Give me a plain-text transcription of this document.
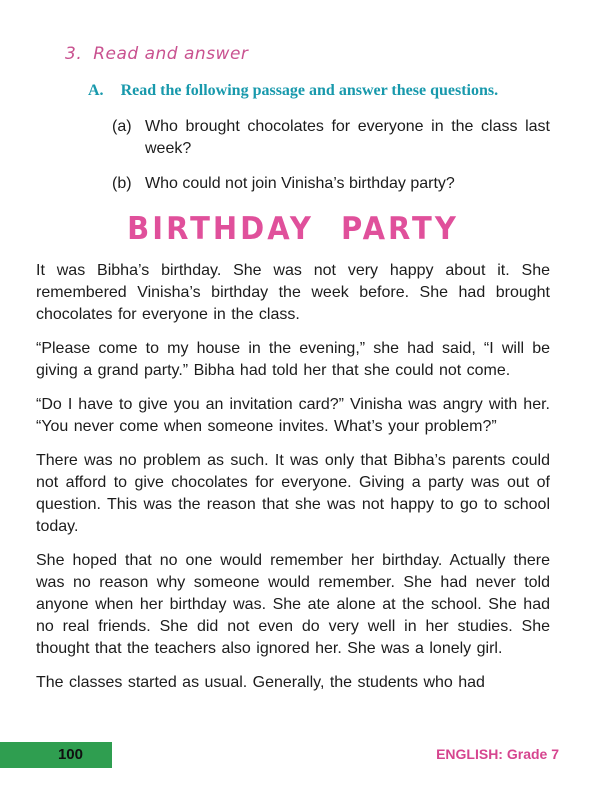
3. Read and answer
A. Read the following passage and answer these questions.
(a) Who brought chocolates for everyone in the class last week?
(b) Who could not join Vinisha’s birthday party?
BIRTHDAY PARTY

It was Bibha’s birthday. She was not very happy about it. She remembered Vinisha’s birthday the week before. She had brought chocolates for everyone in the class.

“Please come to my house in the evening,” she had said, “I will be giving a grand party.” Bibha had told her that she could not come.

“Do I have to give you an invitation card?” Vinisha was angry with her. “You never come when someone invites. What’s your problem?”

There was no problem as such. It was only that Bibha’s parents could not afford to give chocolates for everyone. Giving a party was out of question. This was the reason that she was not happy to go to school today.

She hoped that no one would remember her birthday. Actually there was no reason why someone would remember. She had never told anyone when her birthday was. She ate alone at the school. She had no real friends. She did not even do very well in her studies. She thought that the teachers also ignored her. She was a lonely girl.

The classes started as usual. Generally, the students who had

100	ENGLISH: Grade 7
